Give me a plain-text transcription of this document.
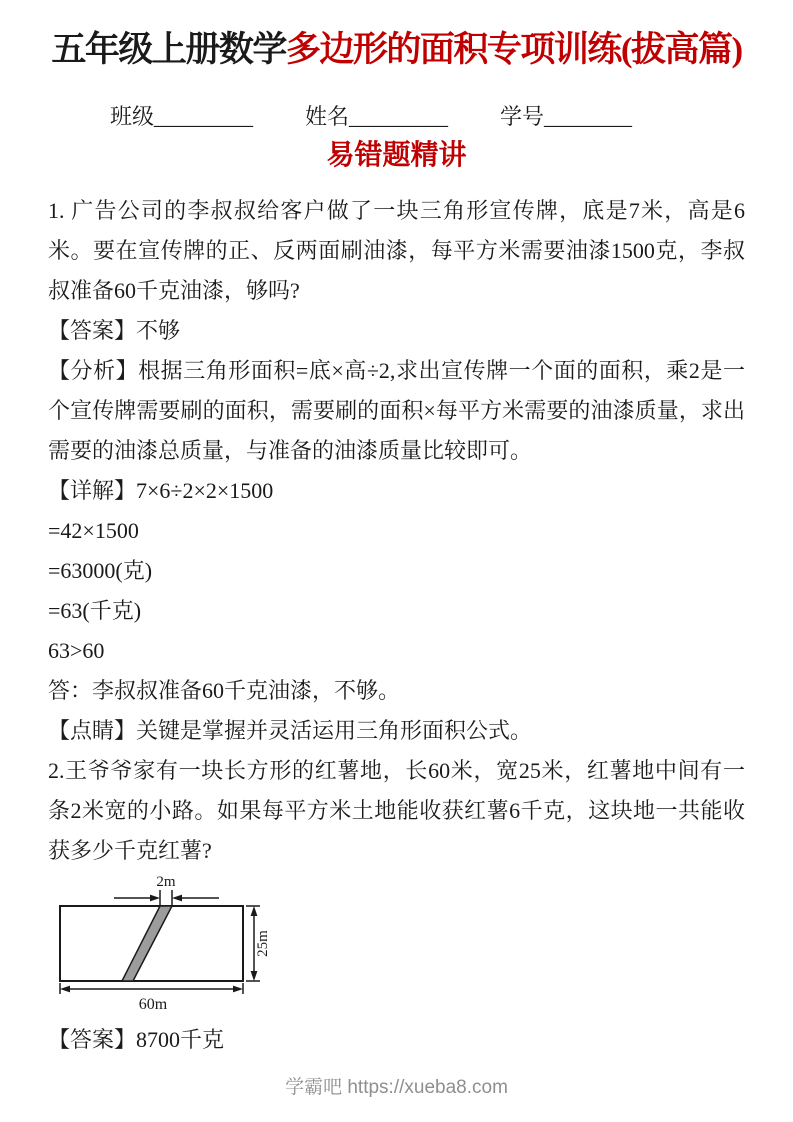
五年级上册数学多边形的面积专项训练(拔高篇)
班级_________ 姓名_________ 学号________
易错题精讲
1. 广告公司的李叔叔给客户做了一块三角形宣传牌，底是7米，高是6米。要在宣传牌的正、反两面刷油漆，每平方米需要油漆1500克，李叔叔准备60千克油漆，够吗?
【答案】不够
【分析】根据三角形面积=底×高÷2,求出宣传牌一个面的面积，乘2是一个宣传牌需要刷的面积，需要刷的面积×每平方米需要的油漆质量，求出需要的油漆总质量，与准备的油漆质量比较即可。
【详解】7×6÷2×2×1500
=42×1500
=63000(克)
=63(千克)
63>60
答：李叔叔准备60千克油漆，不够。
【点睛】关键是掌握并灵活运用三角形面积公式。
2.王爷爷家有一块长方形的红薯地，长60米，宽25米，红薯地中间有一条2米宽的小路。如果每平方米土地能收获红薯6千克，这块地一共能收获多少千克红薯?
2m
25m
60m
【答案】8700千克
学霸吧 https://xueba8.com
